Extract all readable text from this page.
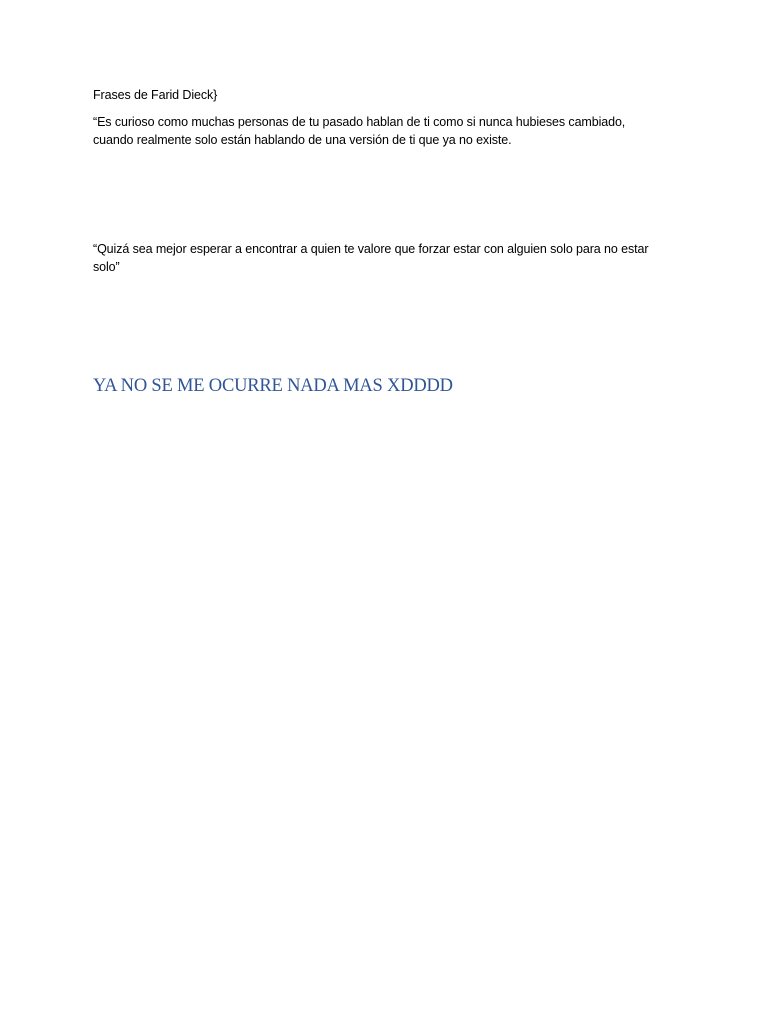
Frases de Farid Dieck}

“Es curioso como muchas personas de tu pasado hablan de ti como si nunca hubieses cambiado, cuando realmente solo están hablando de una versión de ti que ya no existe.

“Quizá sea mejor esperar a encontrar a quien te valore que forzar estar con alguien solo para no estar solo”

YA NO SE ME OCURRE NADA MAS XDDDD
